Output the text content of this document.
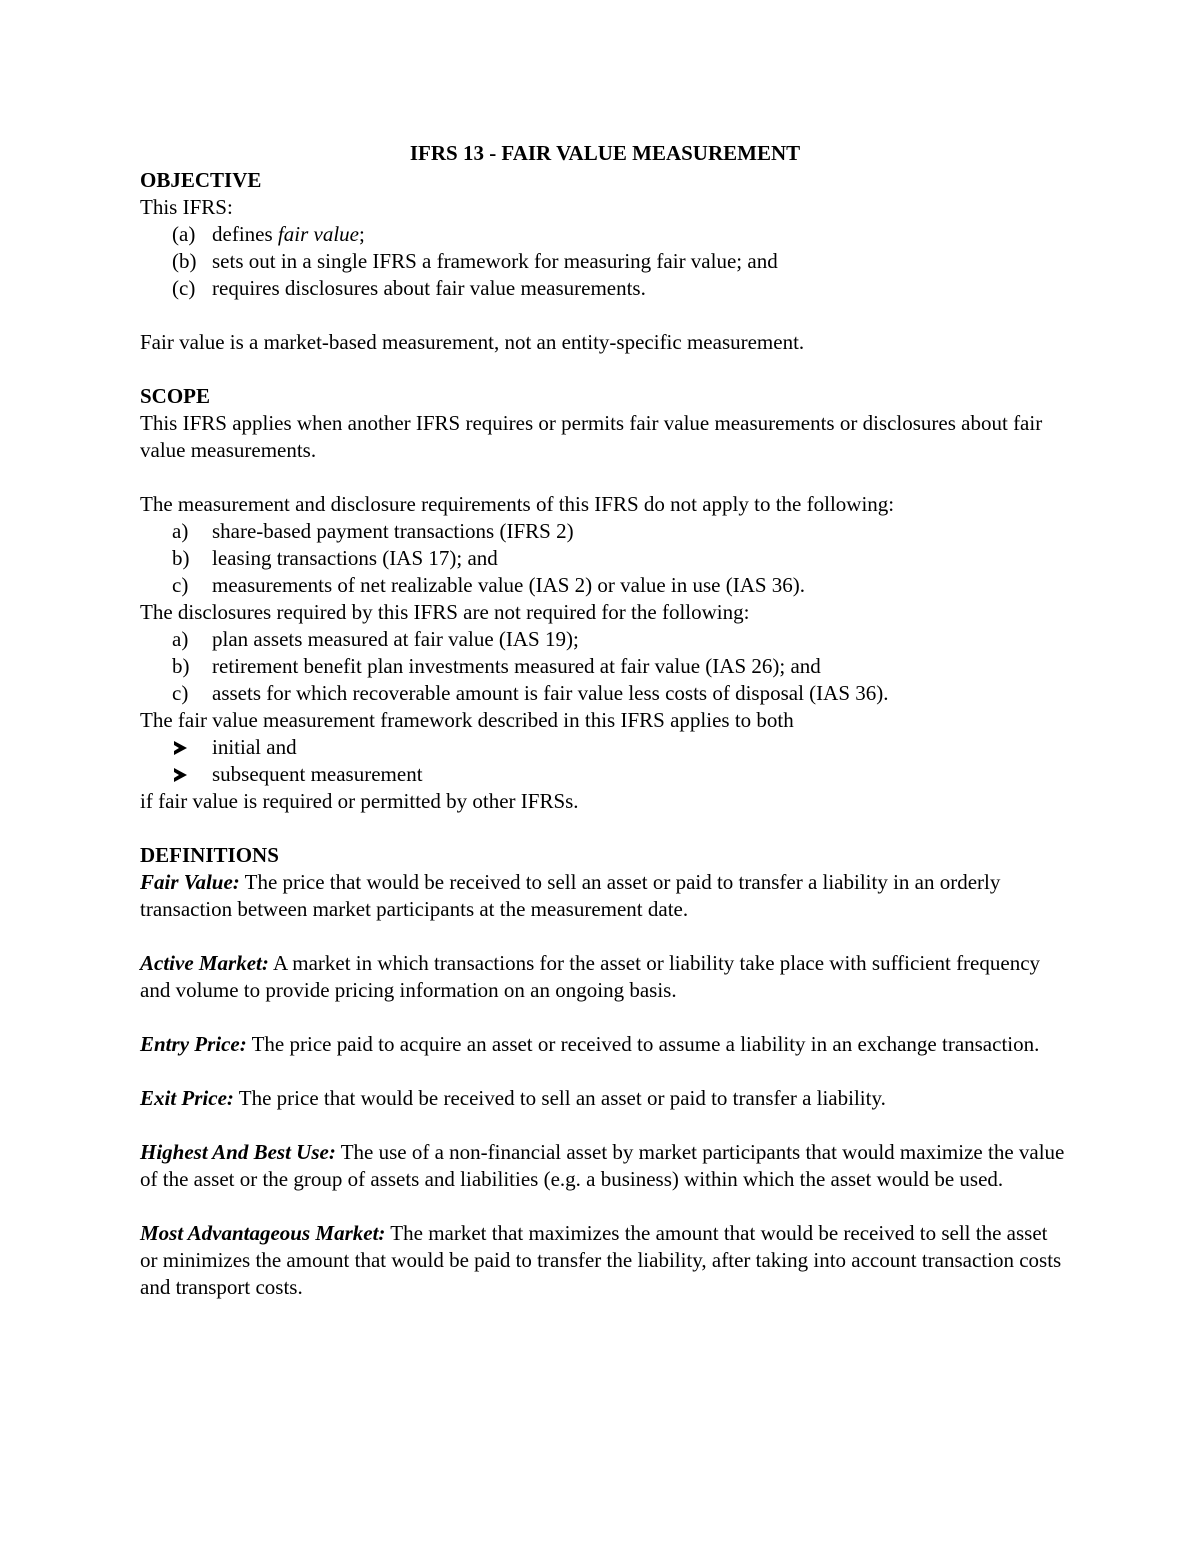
IFRS 13 - FAIR VALUE MEASUREMENT

OBJECTIVE

This IFRS:

(a) defines fair value;
(b) sets out in a single IFRS a framework for measuring fair value; and
(c) requires disclosures about fair value measurements.

Fair value is a market-based measurement, not an entity-specific measurement.

SCOPE

This IFRS applies when another IFRS requires or permits fair value measurements or disclosures about fair value measurements.

The measurement and disclosure requirements of this IFRS do not apply to the following:

a) share-based payment transactions (IFRS 2)
b) leasing transactions (IAS 17); and
c) measurements of net realizable value (IAS 2) or value in use (IAS 36).

The disclosures required by this IFRS are not required for the following:

a) plan assets measured at fair value (IAS 19);
b) retirement benefit plan investments measured at fair value (IAS 26); and
c) assets for which recoverable amount is fair value less costs of disposal (IAS 36).

The fair value measurement framework described in this IFRS applies to both

initial and
subsequent measurement

if fair value is required or permitted by other IFRSs.

DEFINITIONS

Fair Value: The price that would be received to sell an asset or paid to transfer a liability in an orderly transaction between market participants at the measurement date.

Active Market: A market in which transactions for the asset or liability take place with sufficient frequency and volume to provide pricing information on an ongoing basis.

Entry Price: The price paid to acquire an asset or received to assume a liability in an exchange transaction.

Exit Price: The price that would be received to sell an asset or paid to transfer a liability.

Highest And Best Use: The use of a non-financial asset by market participants that would maximize the value of the asset or the group of assets and liabilities (e.g. a business) within which the asset would be used.

Most Advantageous Market: The market that maximizes the amount that would be received to sell the asset or minimizes the amount that would be paid to transfer the liability, after taking into account transaction costs and transport costs.
